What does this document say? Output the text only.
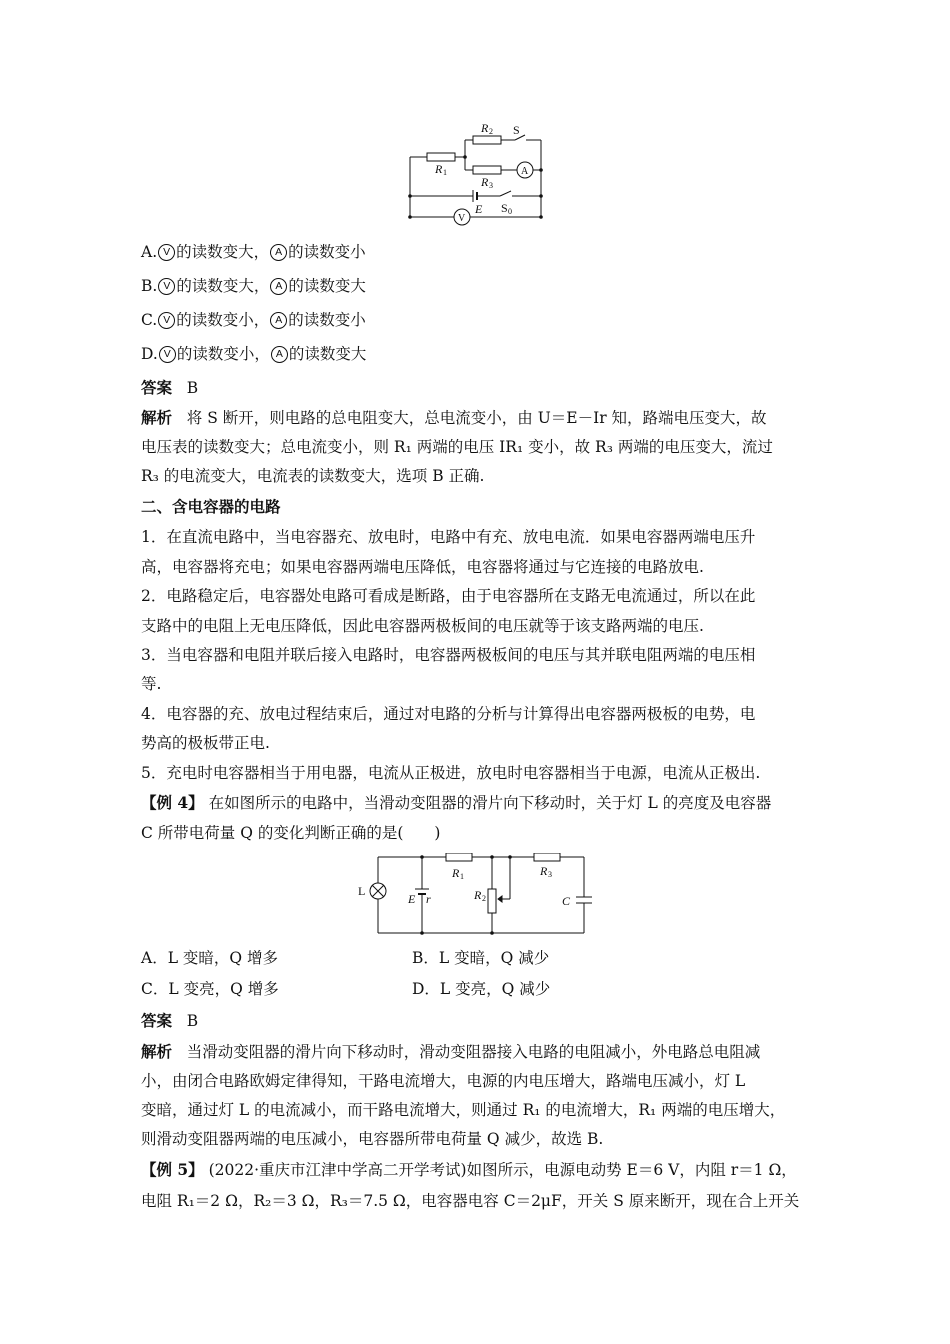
R 2 S
R 1
R 3
A
V
E S 0
A. V 的读数变大， A 的读数变小
B. V 的读数变大， A 的读数变大
C. V 的读数变小， A 的读数变小
D. V 的读数变小， A 的读数变大
答案 B
解析 将 S 断开，则电路的总电阻变大，总电流变小，由 U＝E－Ir 知，路端电压变大，故
电压表的读数变大；总电流变小，则 R₁ 两端的电压 IR₁ 变小，故 R₃ 两端的电压变大，流过
R₃ 的电流变大，电流表的读数变大，选项 B 正确.
二、含电容器的电路
1．在直流电路中，当电容器充、放电时，电路中有充、放电电流．如果电容器两端电压升
高，电容器将充电；如果电容器两端电压降低，电容器将通过与它连接的电路放电.
2．电路稳定后，电容器处电路可看成是断路，由于电容器所在支路无电流通过，所以在此
支路中的电阻上无电压降低，因此电容器两极板间的电压就等于该支路两端的电压.
3．当电容器和电阻并联后接入电路时，电容器两极板间的电压与其并联电阻两端的电压相
等.
4．电容器的充、放电过程结束后，通过对电路的分析与计算得出电容器两极板的电势，电
势高的极板带正电.
5．充电时电容器相当于用电器，电流从正极进，放电时电容器相当于电源，电流从正极出.
【例 4】 在如图所示的电路中，当滑动变阻器的滑片向下移动时，关于灯 L 的亮度及电容器
C 所带电荷量 Q 的变化判断正确的是(　　)
L
E r
R 1
R 2
R 3
C
A．L 变暗，Q 增多	B．L 变暗，Q 减少
C．L 变亮，Q 增多	D．L 变亮，Q 减少
答案 B
解析 当滑动变阻器的滑片向下移动时，滑动变阻器接入电路的电阻减小，外电路总电阻减
小，由闭合电路欧姆定律得知，干路电流增大，电源的内电压增大，路端电压减小，灯 L
变暗，通过灯 L 的电流减小，而干路电流增大，则通过 R₁ 的电流增大，R₁ 两端的电压增大，
则滑动变阻器两端的电压减小，电容器所带电荷量 Q 减少，故选 B.
【例 5】 (2022·重庆市江津中学高二开学考试)如图所示，电源电动势 E＝6 V，内阻 r＝1 Ω，
电阻 R₁＝2 Ω，R₂＝3 Ω，R₃＝7.5 Ω，电容器电容 C＝2μF，开关 S 原来断开，现在合上开关
